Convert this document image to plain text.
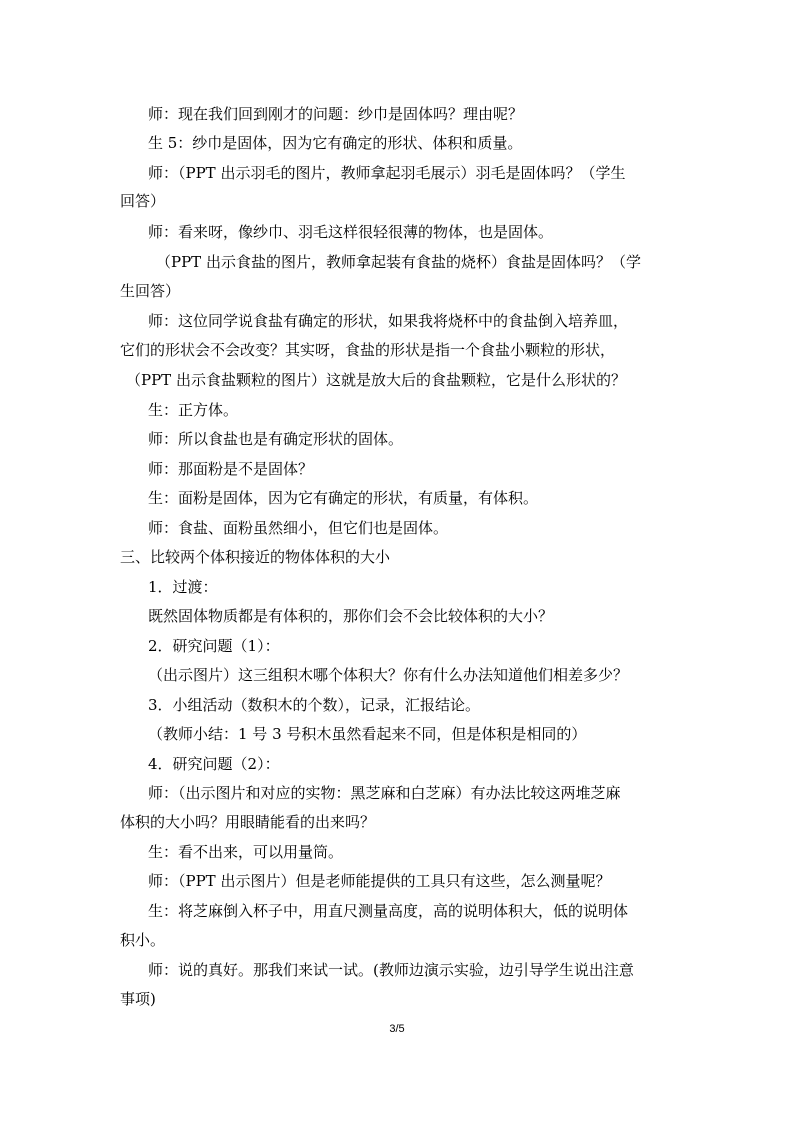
师：现在我们回到刚才的问题：纱巾是固体吗？理由呢？
生 5：纱巾是固体，因为它有确定的形状、体积和质量。
师：（PPT 出示羽毛的图片，教师拿起羽毛展示）羽毛是固体吗？（学生
回答）
师：看来呀，像纱巾、羽毛这样很轻很薄的物体，也是固体。
（PPT 出示食盐的图片，教师拿起装有食盐的烧杯）食盐是固体吗？（学
生回答）
师：这位同学说食盐有确定的形状，如果我将烧杯中的食盐倒入培养皿，
它们的形状会不会改变？其实呀，食盐的形状是指一个食盐小颗粒的形状，
（PPT 出示食盐颗粒的图片）这就是放大后的食盐颗粒，它是什么形状的？
生：正方体。
师：所以食盐也是有确定形状的固体。
师：那面粉是不是固体？
生：面粉是固体，因为它有确定的形状，有质量，有体积。
师：食盐、面粉虽然细小，但它们也是固体。
三、比较两个体积接近的物体体积的大小
1．过渡：
既然固体物质都是有体积的，那你们会不会比较体积的大小？
2．研究问题（1）：
（出示图片）这三组积木哪个体积大？你有什么办法知道他们相差多少？
3．小组活动（数积木的个数），记录，汇报结论。
（教师小结：1 号 3 号积木虽然看起来不同，但是体积是相同的）
4．研究问题（2）：
师：（出示图片和对应的实物：黑芝麻和白芝麻）有办法比较这两堆芝麻
体积的大小吗？用眼睛能看的出来吗？
生：看不出来，可以用量筒。
师：（PPT 出示图片）但是老师能提供的工具只有这些，怎么测量呢？
生：将芝麻倒入杯子中，用直尺测量高度，高的说明体积大，低的说明体
积小。
师：说的真好。那我们来试一试。(教师边演示实验，边引导学生说出注意
事项)
3/5
